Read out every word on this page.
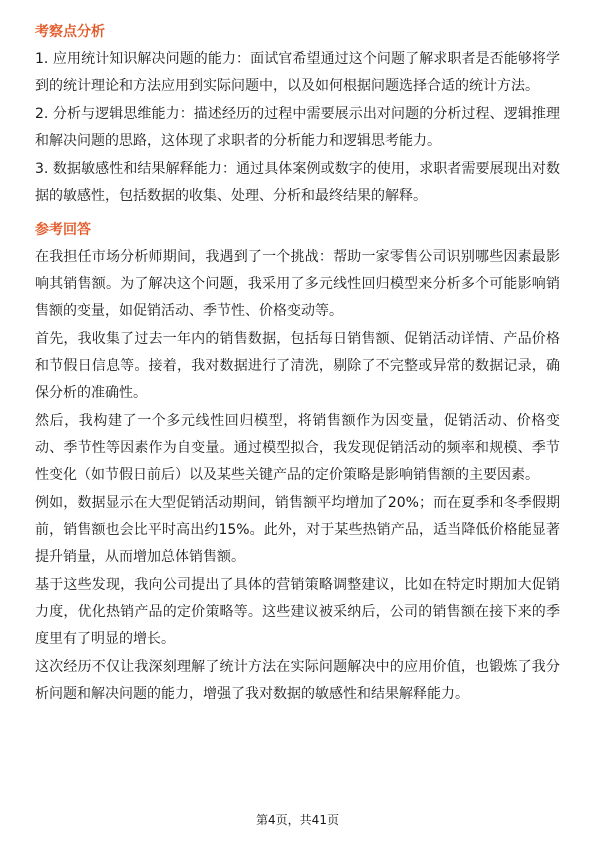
考察点分析

1. 应用统计知识解决问题的能力：面试官希望通过这个问题了解求职者是否能够将学到的统计理论和方法应用到实际问题中，以及如何根据问题选择合适的统计方法。

2. 分析与逻辑思维能力：描述经历的过程中需要展示出对问题的分析过程、逻辑推理和解决问题的思路，这体现了求职者的分析能力和逻辑思考能力。

3. 数据敏感性和结果解释能力：通过具体案例或数字的使用，求职者需要展现出对数据的敏感性，包括数据的收集、处理、分析和最终结果的解释。

参考回答

在我担任市场分析师期间，我遇到了一个挑战：帮助一家零售公司识别哪些因素最影响其销售额。为了解决这个问题，我采用了多元线性回归模型来分析多个可能影响销售额的变量，如促销活动、季节性、价格变动等。

首先，我收集了过去一年内的销售数据，包括每日销售额、促销活动详情、产品价格和节假日信息等。接着，我对数据进行了清洗，剔除了不完整或异常的数据记录，确保分析的准确性。

然后，我构建了一个多元线性回归模型，将销售额作为因变量，促销活动、价格变动、季节性等因素作为自变量。通过模型拟合，我发现促销活动的频率和规模、季节性变化（如节假日前后）以及某些关键产品的定价策略是影响销售额的主要因素。

例如，数据显示在大型促销活动期间，销售额平均增加了20%；而在夏季和冬季假期前，销售额也会比平时高出约15%。此外，对于某些热销产品，适当降低价格能显著提升销量，从而增加总体销售额。

基于这些发现，我向公司提出了具体的营销策略调整建议，比如在特定时期加大促销力度，优化热销产品的定价策略等。这些建议被采纳后，公司的销售额在接下来的季度里有了明显的增长。

这次经历不仅让我深刻理解了统计方法在实际问题解决中的应用价值，也锻炼了我分析问题和解决问题的能力，增强了我对数据的敏感性和结果解释能力。

第4页，共41页
